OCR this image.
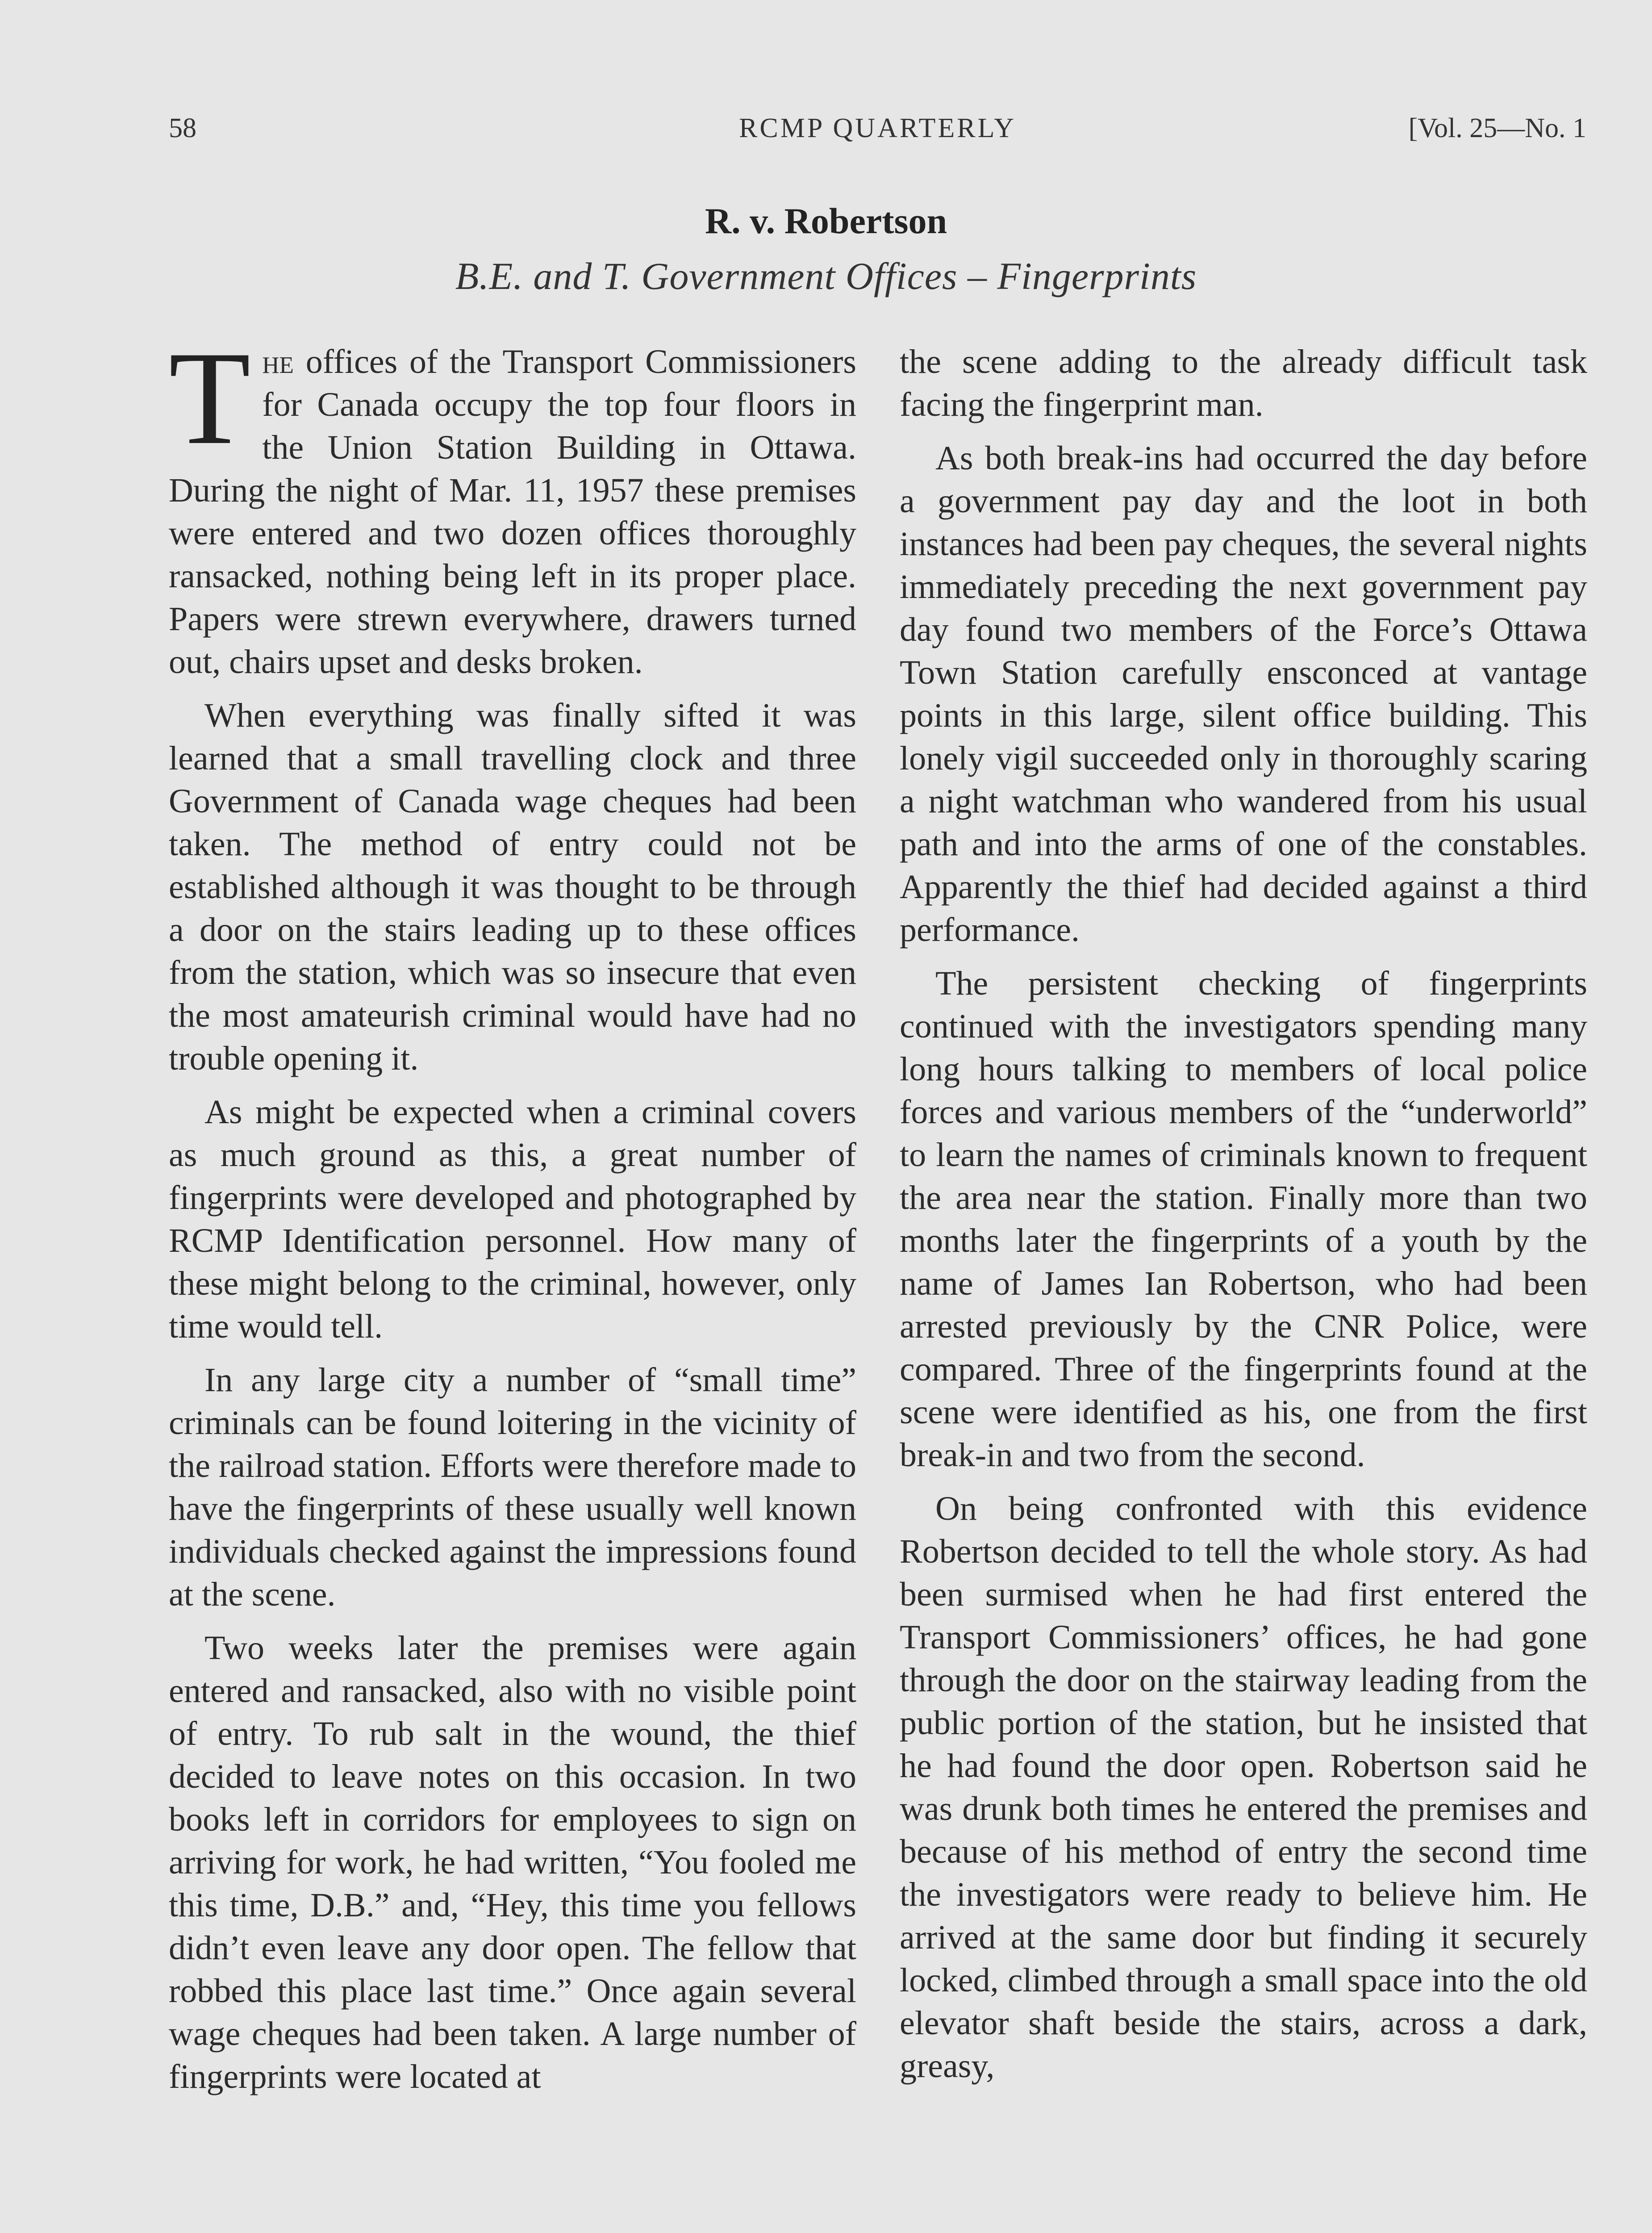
58	RCMP QUARTERLY	[Vol. 25—No. 1
R. v. Robertson
B.E. and T. Government Offices – Fingerprints

The offices of the Transport Commissioners for Canada occupy the top four floors in the Union Station Building in Ottawa. During the night of Mar. 11, 1957 these premises were entered and two dozen offices thoroughly ransacked, nothing being left in its proper place. Papers were strewn everywhere, drawers turned out, chairs upset and desks broken.

When everything was finally sifted it was learned that a small travelling clock and three Government of Canada wage cheques had been taken. The method of entry could not be established although it was thought to be through a door on the stairs leading up to these offices from the station, which was so insecure that even the most amateurish criminal would have had no trouble opening it.

As might be expected when a criminal covers as much ground as this, a great number of fingerprints were developed and photographed by RCMP Identification personnel. How many of these might belong to the criminal, however, only time would tell.

In any large city a number of “small time” criminals can be found loitering in the vicinity of the railroad station. Efforts were therefore made to have the fingerprints of these usually well known individuals checked against the impressions found at the scene.

Two weeks later the premises were again entered and ransacked, also with no visible point of entry. To rub salt in the wound, the thief decided to leave notes on this occasion. In two books left in corridors for employees to sign on arriving for work, he had written, “You fooled me this time, D.B.” and, “Hey, this time you fellows didn’t even leave any door open. The fellow that robbed this place last time.” Once again several wage cheques had been taken. A large number of fingerprints were located at

the scene adding to the already difficult task facing the fingerprint man.

As both break-ins had occurred the day before a government pay day and the loot in both instances had been pay cheques, the several nights immediately preceding the next government pay day found two members of the Force’s Ottawa Town Station carefully ensconced at vantage points in this large, silent office building. This lonely vigil succeeded only in thoroughly scaring a night watchman who wandered from his usual path and into the arms of one of the constables. Apparently the thief had decided against a third performance.

The persistent checking of fingerprints continued with the investigators spending many long hours talking to members of local police forces and various members of the “underworld” to learn the names of criminals known to frequent the area near the station. Finally more than two months later the fingerprints of a youth by the name of James Ian Robertson, who had been arrested previously by the CNR Police, were compared. Three of the fingerprints found at the scene were identified as his, one from the first break-in and two from the second.

On being confronted with this evidence Robertson decided to tell the whole story. As had been surmised when he had first entered the Transport Commissioners’ offices, he had gone through the door on the stairway leading from the public portion of the station, but he insisted that he had found the door open. Robertson said he was drunk both times he entered the premises and because of his method of entry the second time the investigators were ready to believe him. He arrived at the same door but finding it securely locked, climbed through a small space into the old elevator shaft beside the stairs, across a dark, greasy,
